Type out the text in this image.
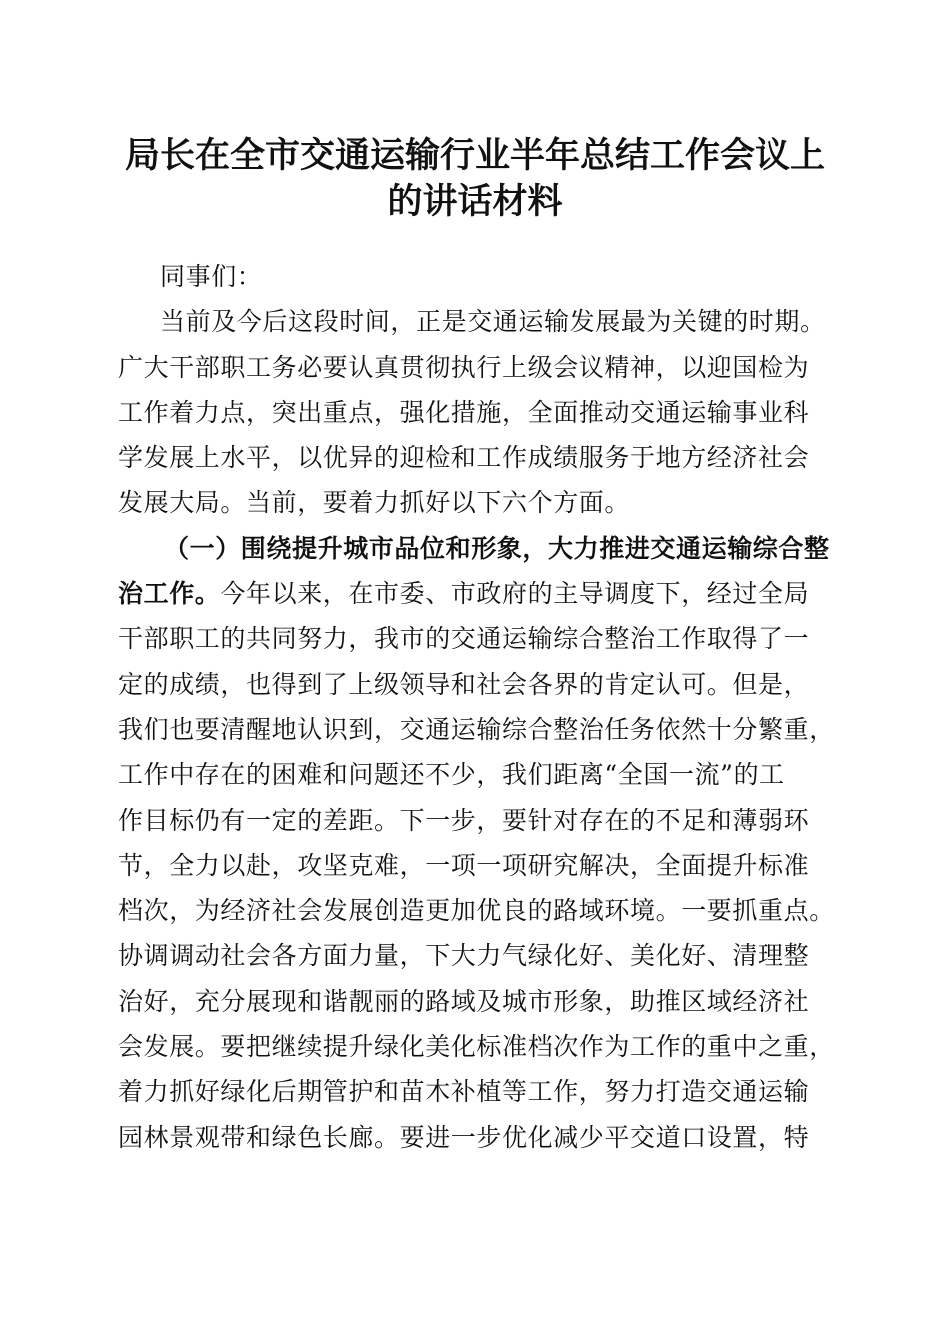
局长在全市交通运输行业半年总结工作会议上
的讲话材料
同事们：
当前及今后这段时间，正是交通运输发展最为关键的时期。
广大干部职工务必要认真贯彻执行上级会议精神，以迎国检为
工作着力点，突出重点，强化措施，全面推动交通运输事业科
学发展上水平，以优异的迎检和工作成绩服务于地方经济社会
发展大局。当前，要着力抓好以下六个方面。
（一）围绕提升城市品位和形象，大力推进交通运输综合整
治工作。今年以来，在市委、市政府的主导调度下，经过全局
干部职工的共同努力，我市的交通运输综合整治工作取得了一
定的成绩，也得到了上级领导和社会各界的肯定认可。但是，
我们也要清醒地认识到，交通运输综合整治任务依然十分繁重，
工作中存在的困难和问题还不少，我们距离“全国一流”的工
作目标仍有一定的差距。下一步，要针对存在的不足和薄弱环
节，全力以赴，攻坚克难，一项一项研究解决，全面提升标准
档次，为经济社会发展创造更加优良的路域环境。一要抓重点。
协调调动社会各方面力量，下大力气绿化好、美化好、清理整
治好，充分展现和谐靓丽的路域及城市形象，助推区域经济社
会发展。要把继续提升绿化美化标准档次作为工作的重中之重，
着力抓好绿化后期管护和苗木补植等工作，努力打造交通运输
园林景观带和绿色长廊。要进一步优化减少平交道口设置，特
